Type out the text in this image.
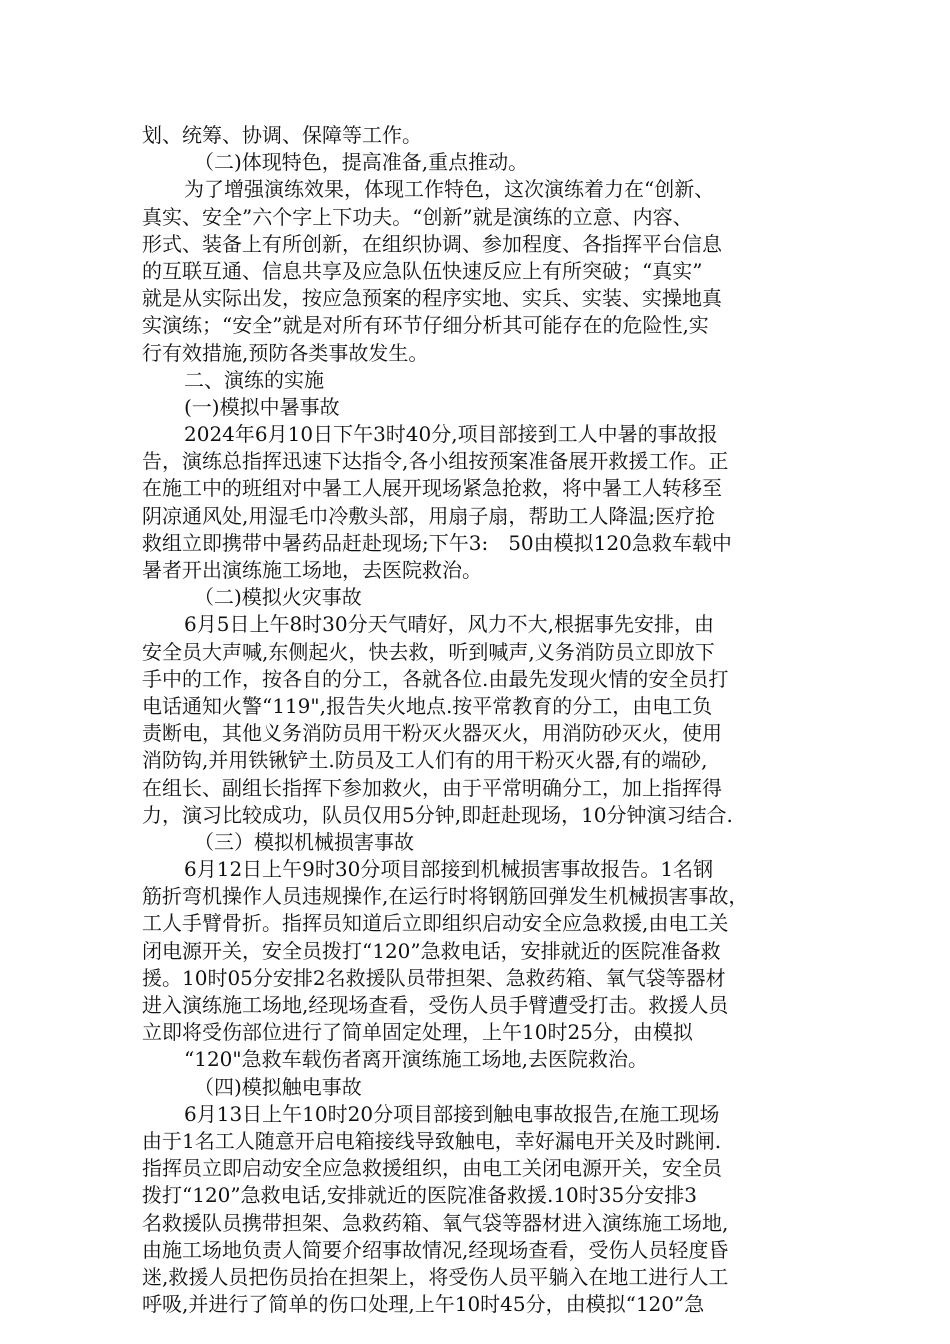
划、统筹、协调、保障等工作。
（二)体现特色，提高准备,重点推动。
为了增强演练效果，体现工作特色，这次演练着力在“创新、
真实、安全”六个字上下功夫。“创新”就是演练的立意、内容、
形式、装备上有所创新，在组织协调、参加程度、各指挥平台信息
的互联互通、信息共享及应急队伍快速反应上有所突破；“真实”
就是从实际出发，按应急预案的程序实地、实兵、实装、实操地真
实演练；“安全”就是对所有环节仔细分析其可能存在的危险性,实
行有效措施,预防各类事故发生。
二、演练的实施
(一)模拟中暑事故
2024年6月10日下午3时40分,项目部接到工人中暑的事故报
告，演练总指挥迅速下达指令,各小组按预案准备展开救援工作。正
在施工中的班组对中暑工人展开现场紧急抢救，将中暑工人转移至
阴凉通风处,用湿毛巾冷敷头部，用扇子扇，帮助工人降温;医疗抢
救组立即携带中暑药品赶赴现场;下午3:　50由模拟120急救车载中
暑者开出演练施工场地，去医院救治。
（二)模拟火灾事故
6月5日上午8时30分天气晴好，风力不大,根据事先安排，由
安全员大声喊,东侧起火，快去救，听到喊声,义务消防员立即放下
手中的工作，按各自的分工，各就各位.由最先发现火情的安全员打
电话通知火警“119",报告失火地点.按平常教育的分工，由电工负
责断电，其他义务消防员用干粉灭火器灭火，用消防砂灭火，使用
消防钩,并用铁锹铲土.防员及工人们有的用干粉灭火器,有的端砂,
在组长、副组长指挥下参加救火，由于平常明确分工，加上指挥得
力，演习比较成功，队员仅用5分钟,即赶赴现场，10分钟演习结合.
（三）模拟机械损害事故
6月12日上午9时30分项目部接到机械损害事故报告。1名钢
筋折弯机操作人员违规操作,在运行时将钢筋回弹发生机械损害事故，
工人手臂骨折。指挥员知道后立即组织启动安全应急救援,由电工关
闭电源开关，安全员拨打“120”急救电话，安排就近的医院准备救
援。10时05分安排2名救援队员带担架、急救药箱、氧气袋等器材
进入演练施工场地,经现场查看，受伤人员手臂遭受打击。救援人员
立即将受伤部位进行了简单固定处理，上午10时25分，由模拟
“120"急救车载伤者离开演练施工场地,去医院救治。
（四)模拟触电事故
6月13日上午10时20分项目部接到触电事故报告,在施工现场
由于1名工人随意开启电箱接线导致触电，幸好漏电开关及时跳闸.
指挥员立即启动安全应急救援组织，由电工关闭电源开关，安全员
拨打“120”急救电话,安排就近的医院准备救援.10时35分安排3
名救援队员携带担架、急救药箱、氧气袋等器材进入演练施工场地,
由施工场地负责人简要介绍事故情况,经现场查看，受伤人员轻度昏
迷,救援人员把伤员抬在担架上，将受伤人员平躺入在地工进行人工
呼吸,并进行了简单的伤口处理,上午10时45分，由模拟“120”急
